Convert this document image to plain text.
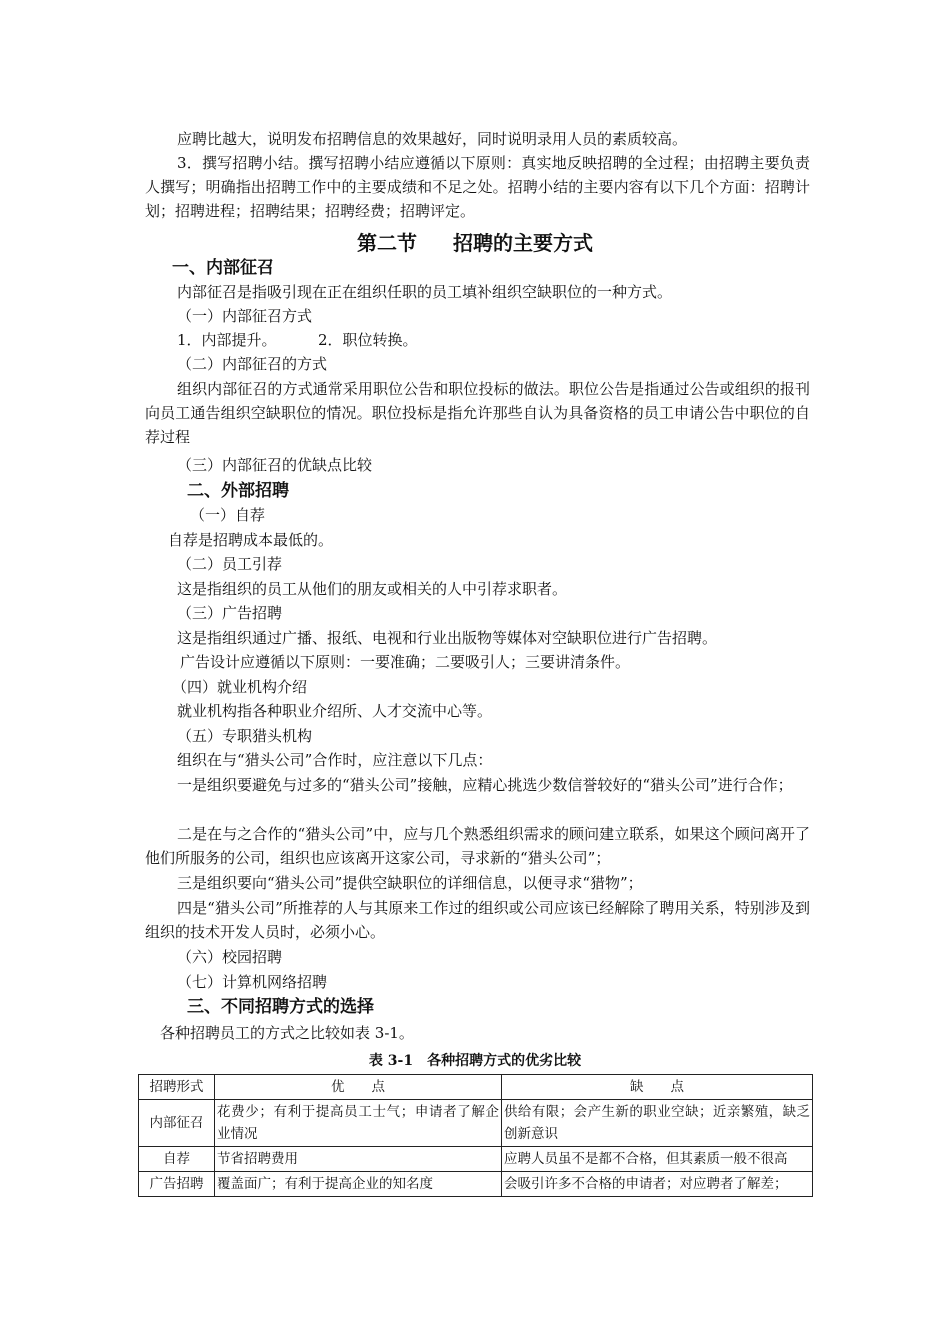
应聘比越大，说明发布招聘信息的效果越好，同时说明录用人员的素质较高。
3．撰写招聘小结。撰写招聘小结应遵循以下原则：真实地反映招聘的全过程；由招聘主要负责人撰写；明确指出招聘工作中的主要成绩和不足之处。招聘小结的主要内容有以下几个方面：招聘计划；招聘进程；招聘结果；招聘经费；招聘评定。
第二节 招聘的主要方式
一、内部征召
内部征召是指吸引现在正在组织任职的员工填补组织空缺职位的一种方式。
（一）内部征召方式
1．内部提升。	2．职位转换。
（二）内部征召的方式
组织内部征召的方式通常采用职位公告和职位投标的做法。职位公告是指通过公告或组织的报刊向员工通告组织空缺职位的情况。职位投标是指允许那些自认为具备资格的员工申请公告中职位的自荐过程
（三）内部征召的优缺点比较
二、外部招聘
（一）自荐
自荐是招聘成本最低的。
（二）员工引荐
这是指组织的员工从他们的朋友或相关的人中引荐求职者。
（三）广告招聘
这是指组织通过广播、报纸、电视和行业出版物等媒体对空缺职位进行广告招聘。
广告设计应遵循以下原则：一要准确；二要吸引人；三要讲清条件。
（四）就业机构介绍
就业机构指各种职业介绍所、人才交流中心等。
（五）专职猎头机构
组织在与“猎头公司”合作时，应注意以下几点：
一是组织要避免与过多的“猎头公司”接触，应精心挑选少数信誉较好的“猎头公司”进行合作；
二是在与之合作的“猎头公司”中，应与几个熟悉组织需求的顾问建立联系，如果这个顾问离开了他们所服务的公司，组织也应该离开这家公司，寻求新的“猎头公司”；
三是组织要向“猎头公司”提供空缺职位的详细信息，以便寻求“猎物”；
四是“猎头公司”所推荐的人与其原来工作过的组织或公司应该已经解除了聘用关系，特别涉及到组织的技术开发人员时，必须小心。
（六）校园招聘
（七）计算机网络招聘
三、不同招聘方式的选择
各种招聘员工的方式之比较如表 3-1。
表 3-1　各种招聘方式的优劣比较
招聘形式	优　　点	缺　　点
内部征召	花费少；有利于提高员工士气；申请者了解企业情况	供给有限；会产生新的职业空缺；近亲繁殖，缺乏创新意识
自荐	节省招聘费用	应聘人员虽不是都不合格，但其素质一般不很高
广告招聘	覆盖面广；有利于提高企业的知名度	会吸引许多不合格的申请者；对应聘者了解差；
